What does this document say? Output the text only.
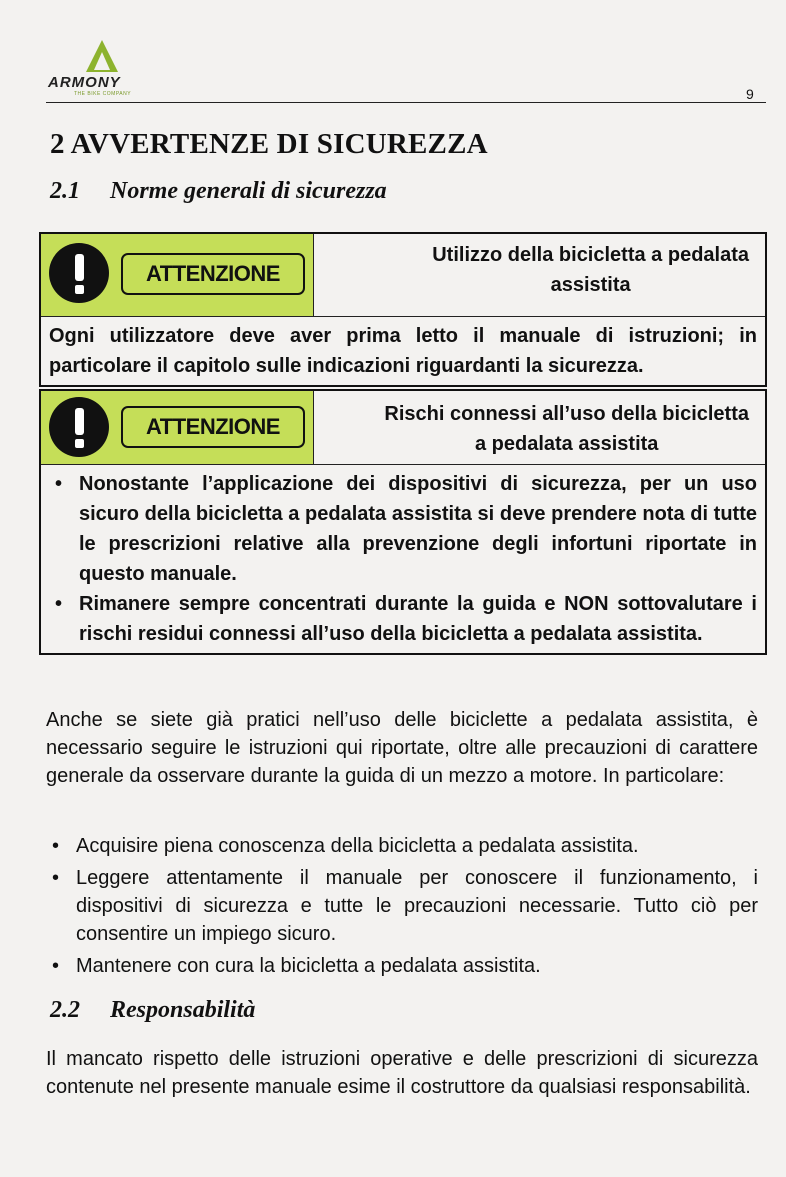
ARMONY
THE BIKE COMPANY	9
2 AVVERTENZE DI SICUREZZA
2.1 Norme generali di sicurezza
ATTENZIONE
Utilizzo della bicicletta a pedalata
assistita
Ogni utilizzatore deve aver prima letto il manuale di istruzioni; in particolare il capitolo sulle indicazioni riguardanti la sicurezza.
ATTENZIONE	Rischi connessi all’uso della bicicletta
a pedalata assistita
• Nonostante l’applicazione dei dispositivi di sicurezza, per un uso sicuro della bicicletta a pedalata assistita si deve prendere nota di tutte le prescrizioni relative alla prevenzione degli infortuni riportate in questo manuale.
• Rimanere sempre concentrati durante la guida e NON sottovalutare i rischi residui connessi all’uso della bicicletta a pedalata assistita.
Anche se siete già pratici nell’uso delle biciclette a pedalata assistita, è necessario seguire le istruzioni qui riportate, oltre alle precauzioni di carattere generale da osservare durante la guida di un mezzo a motore. In particolare:
• Acquisire piena conoscenza della bicicletta a pedalata assistita.
• Leggere attentamente il manuale per conoscere il funzionamento, i dispositivi di sicurezza e tutte le precauzioni necessarie. Tutto ciò per consentire un impiego sicuro.
• Mantenere con cura la bicicletta a pedalata assistita.
2.2 Responsabilità
Il mancato rispetto delle istruzioni operative e delle prescrizioni di sicurezza contenute nel presente manuale esime il costruttore da qualsiasi responsabilità.
